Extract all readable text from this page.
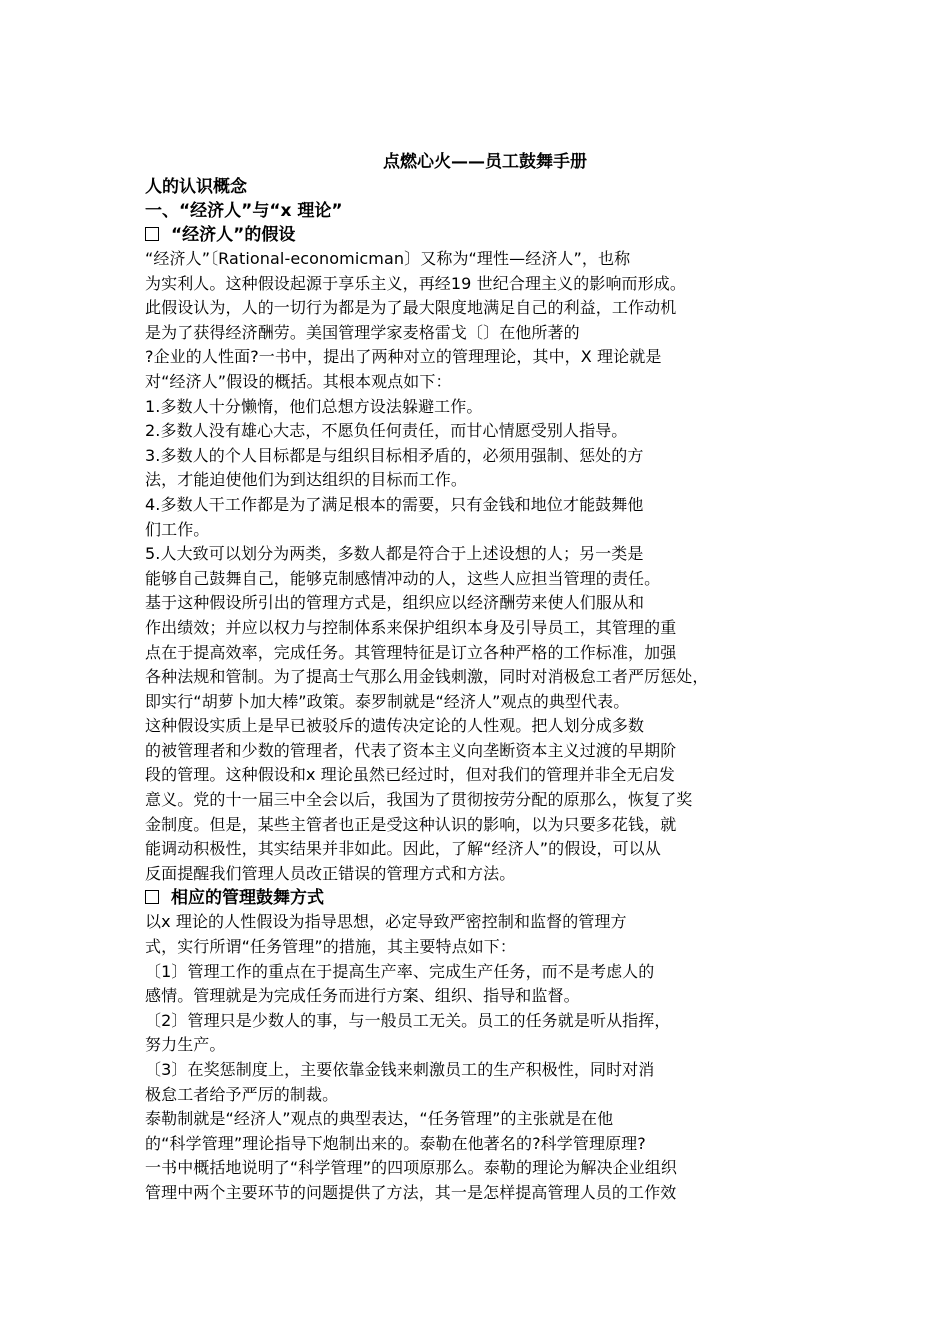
点燃心火——员工鼓舞手册
人的认识概念
一、“经济人”与“x 理论”
“经济人”的假设
“经济人”〔Rational-economicman〕又称为“理性—经济人”，也称
为实利人。这种假设起源于享乐主义，再经19 世纪合理主义的影响而形成。
此假设认为，人的一切行为都是为了最大限度地满足自己的利益，工作动机
是为了获得经济酬劳。美国管理学家麦格雷戈〔〕在他所著的
?企业的人性面?一书中，提出了两种对立的管理理论，其中，X 理论就是
对“经济人”假设的概括。其根本观点如下：
1.多数人十分懒惰，他们总想方设法躲避工作。
2.多数人没有雄心大志，不愿负任何责任，而甘心情愿受别人指导。
3.多数人的个人目标都是与组织目标相矛盾的，必须用强制、惩处的方
法，才能迫使他们为到达组织的目标而工作。
4.多数人干工作都是为了满足根本的需要，只有金钱和地位才能鼓舞他
们工作。
5.人大致可以划分为两类，多数人都是符合于上述设想的人；另一类是
能够自己鼓舞自己，能够克制感情冲动的人，这些人应担当管理的责任。
基于这种假设所引出的管理方式是，组织应以经济酬劳来使人们服从和
作出绩效；并应以权力与控制体系来保护组织本身及引导员工，其管理的重
点在于提高效率，完成任务。其管理特征是订立各种严格的工作标准，加强
各种法规和管制。为了提高士气那么用金钱刺激，同时对消极怠工者严厉惩处，
即实行“胡萝卜加大棒”政策。泰罗制就是“经济人”观点的典型代表。
这种假设实质上是早已被驳斥的遗传决定论的人性观。把人划分成多数
的被管理者和少数的管理者，代表了资本主义向垄断资本主义过渡的早期阶
段的管理。这种假设和x 理论虽然已经过时，但对我们的管理并非全无启发
意义。党的十一届三中全会以后，我国为了贯彻按劳分配的原那么，恢复了奖
金制度。但是，某些主管者也正是受这种认识的影响，以为只要多花钱，就
能调动积极性，其实结果并非如此。因此，了解“经济人”的假设，可以从
反面提醒我们管理人员改正错误的管理方式和方法。
相应的管理鼓舞方式
以x 理论的人性假设为指导思想，必定导致严密控制和监督的管理方
式，实行所谓“任务管理”的措施，其主要特点如下：
〔1〕管理工作的重点在于提高生产率、完成生产任务，而不是考虑人的
感情。管理就是为完成任务而进行方案、组织、指导和监督。
〔2〕管理只是少数人的事，与一般员工无关。员工的任务就是听从指挥，
努力生产。
〔3〕在奖惩制度上，主要依靠金钱来刺激员工的生产积极性，同时对消
极怠工者给予严厉的制裁。
泰勒制就是“经济人”观点的典型表达，“任务管理”的主张就是在他
的“科学管理”理论指导下炮制出来的。泰勒在他著名的?科学管理原理?
一书中概括地说明了“科学管理”的四项原那么。泰勒的理论为解决企业组织
管理中两个主要环节的问题提供了方法，其一是怎样提高管理人员的工作效
